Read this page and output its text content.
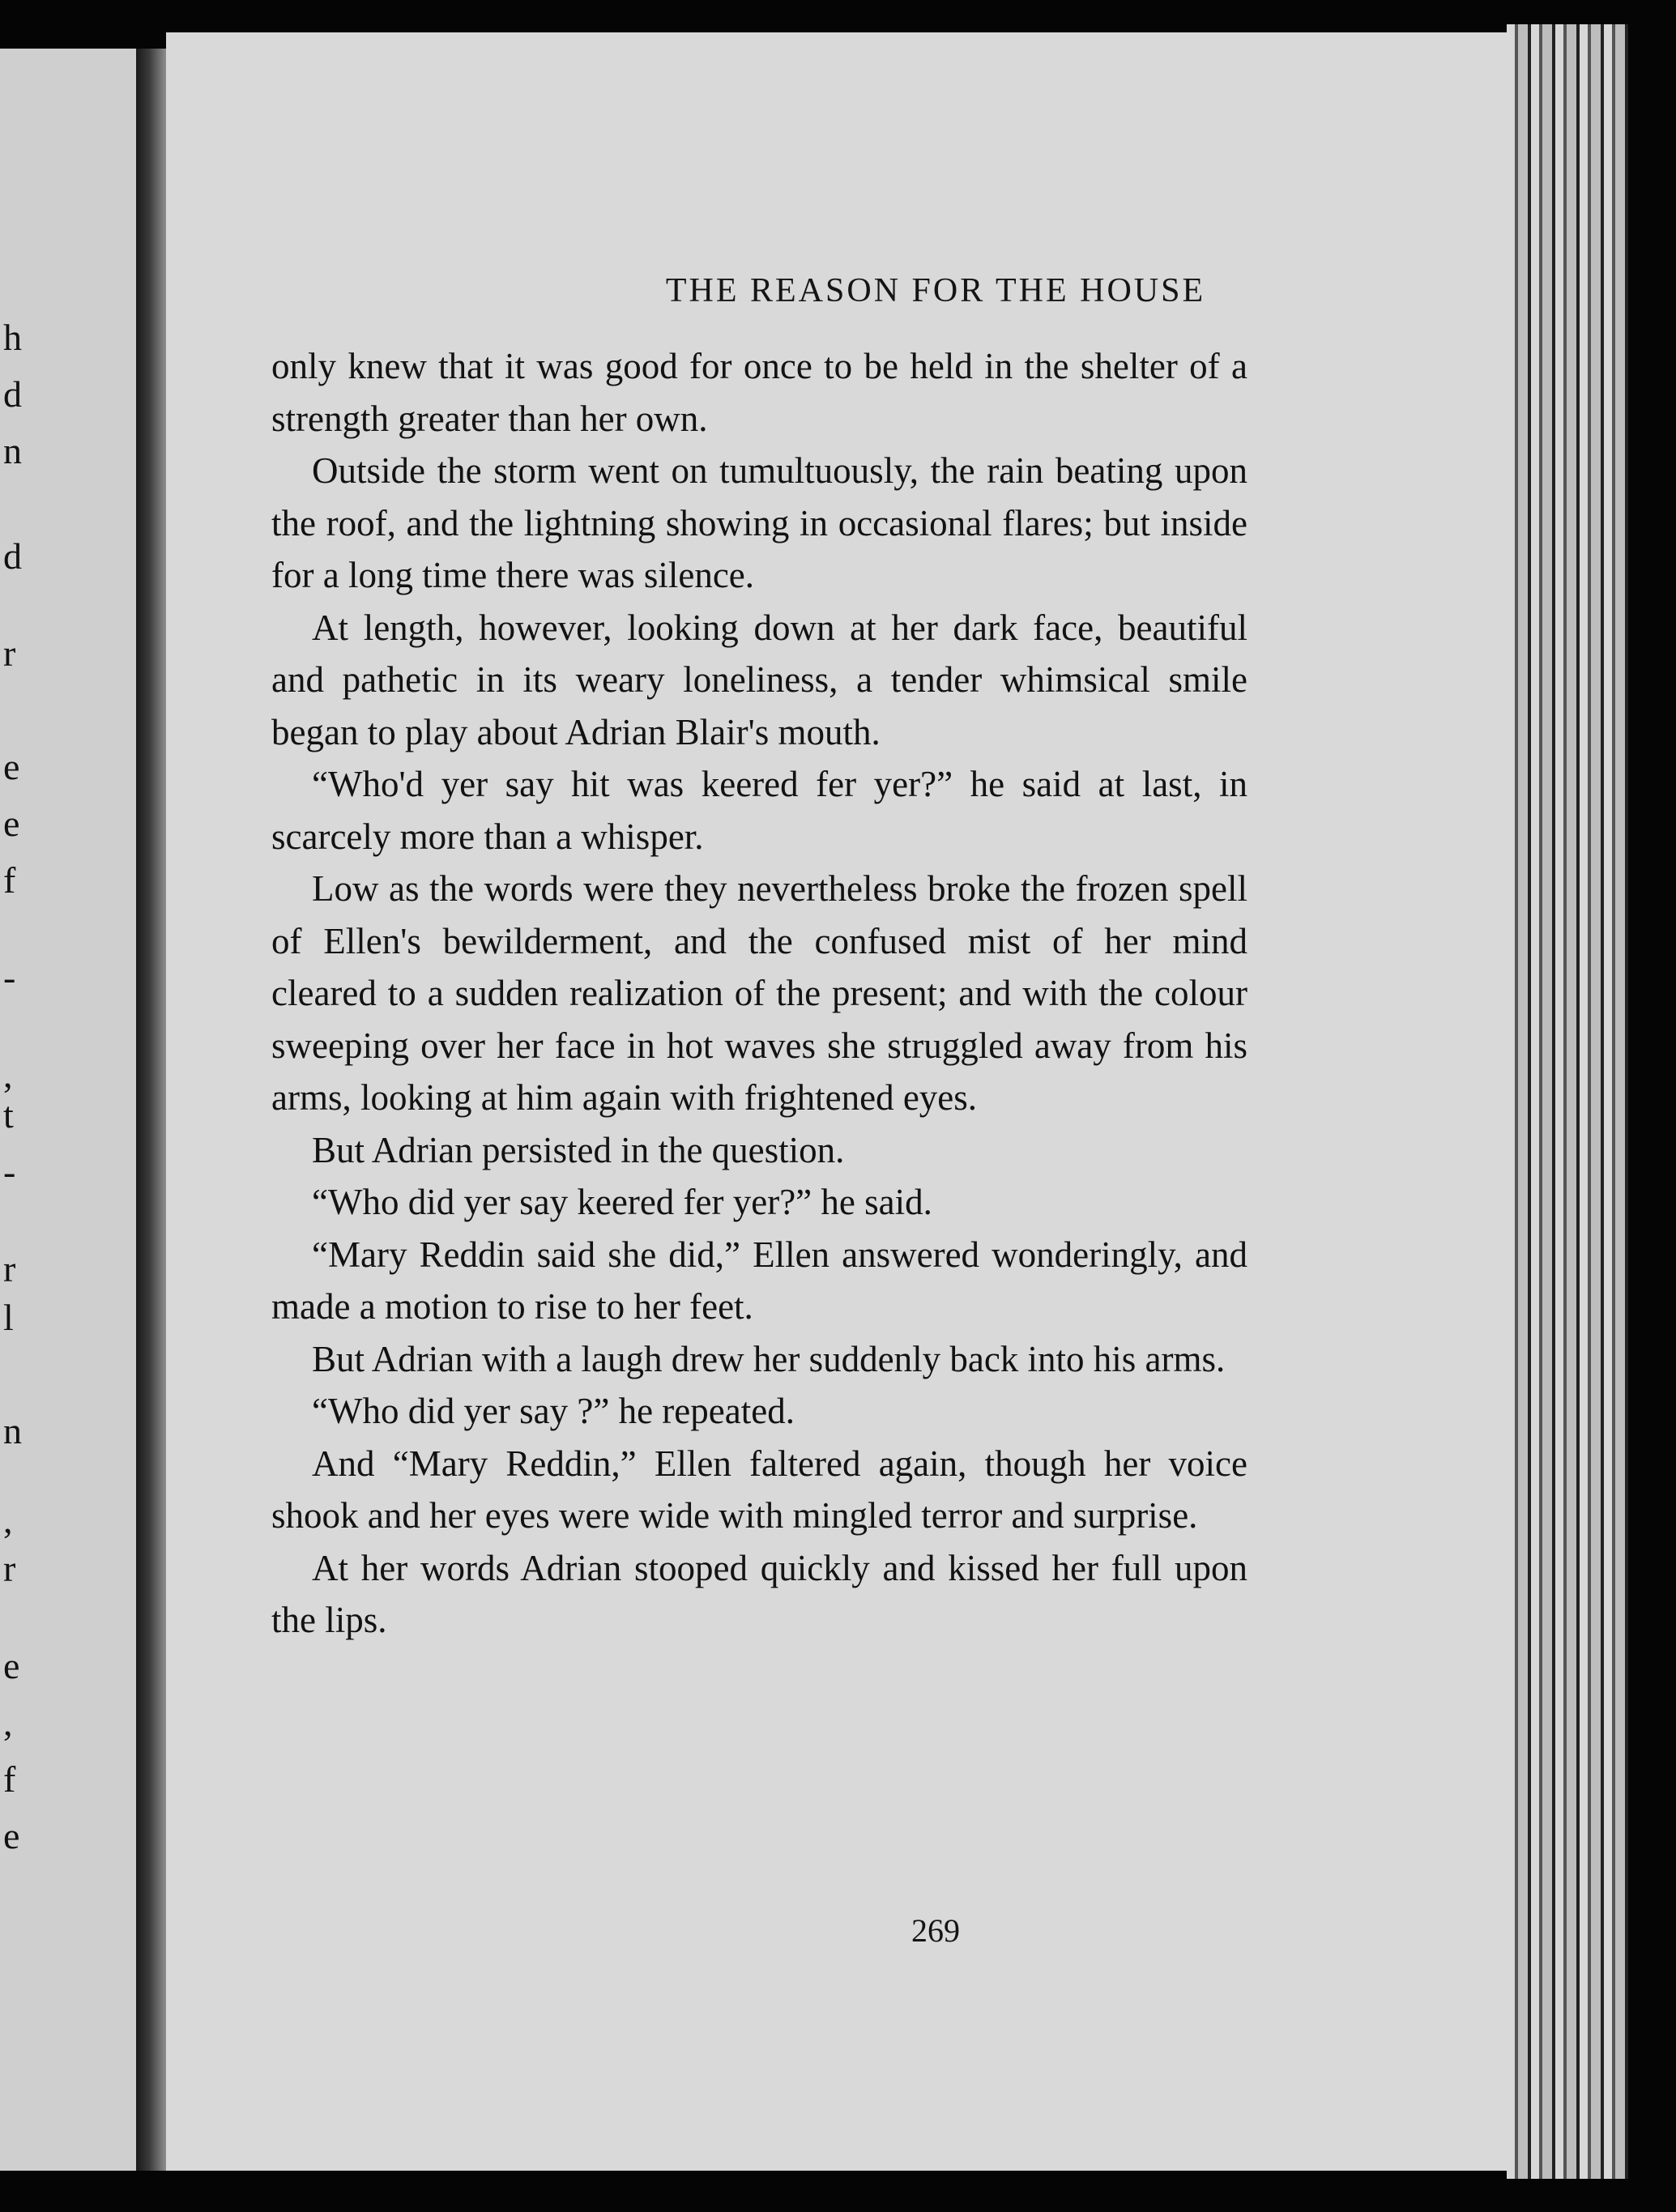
h
d
n
d
r
e
e
f
-
,
t
-
r
l
n
,
r
e
,
f
e
THE REASON FOR THE HOUSE

only knew that it was good for once to be held in the shelter of a strength greater than her own.

Outside the storm went on tumultuously, the rain beating upon the roof, and the lightning showing in occasional flares; but inside for a long time there was silence.

At length, however, looking down at her dark face, beautiful and pathetic in its weary loneliness, a tender whimsical smile began to play about Adrian Blair's mouth.

“Who'd yer say hit was keered fer yer?” he said at last, in scarcely more than a whisper.

Low as the words were they nevertheless broke the frozen spell of Ellen's bewilderment, and the confused mist of her mind cleared to a sudden realization of the present; and with the colour sweeping over her face in hot waves she struggled away from his arms, looking at him again with frightened eyes.

But Adrian persisted in the question.

“Who did yer say keered fer yer?” he said.

“Mary Reddin said she did,” Ellen answered wonderingly, and made a motion to rise to her feet.

But Adrian with a laugh drew her suddenly back into his arms.

“Who did yer say ?” he repeated.

And “Mary Reddin,” Ellen faltered again, though her voice shook and her eyes were wide with mingled terror and surprise.

At her words Adrian stooped quickly and kissed her full upon the lips.

269
